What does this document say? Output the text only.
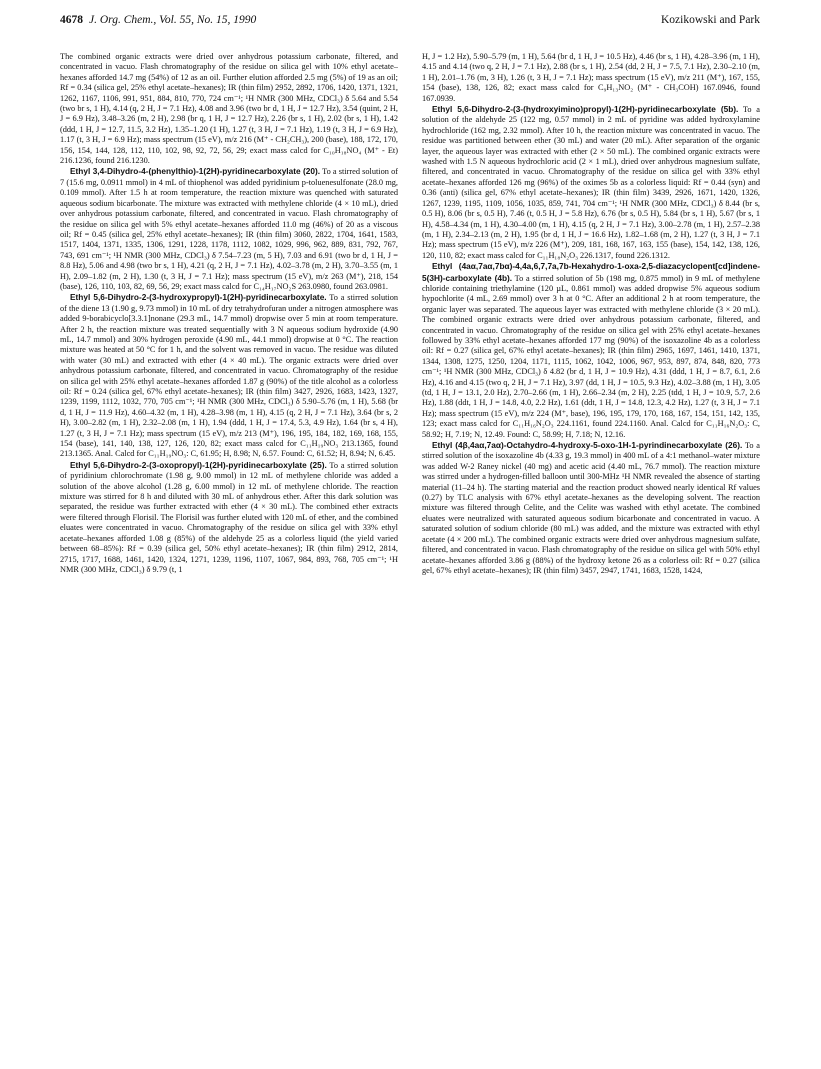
4678 J. Org. Chem., Vol. 55, No. 15, 1990	Kozikowski and Park

The combined organic extracts were dried over anhydrous potassium carbonate, filtered, and concentrated in vacuo. Flash chromatography of the residue on silica gel with 10% ethyl acetate–hexanes afforded 14.7 mg (54%) of 12 as an oil. Further elution afforded 2.5 mg (5%) of 19 as an oil; Rf = 0.34 (silica gel, 25% ethyl acetate–hexanes); IR (thin film) 2952, 2892, 1706, 1420, 1371, 1321, 1262, 1167, 1106, 991, 951, 884, 810, 770, 724 cm⁻¹; ¹H NMR (300 MHz, CDCl₃) δ 5.64 and 5.54 (two br s, 1 H), 4.14 (q, 2 H, J = 7.1 Hz), 4.08 and 3.96 (two br d, 1 H, J = 12.7 Hz), 3.54 (quint, 2 H, J = 6.9 Hz), 3.48–3.26 (m, 2 H), 2.98 (br q, 1 H, J = 12.7 Hz), 2.26 (br s, 1 H), 2.02 (br s, 1 H), 1.42 (ddd, 1 H, J = 12.7, 11.5, 3.2 Hz), 1.35–1.20 (1 H), 1.27 (t, 3 H, J = 7.1 Hz), 1.19 (t, 3 H, J = 6.9 Hz), 1.17 (t, 3 H, J = 6.9 Hz); mass spectrum (15 eV), m/z 216 (M⁺ - CH₂CH₃), 200 (base), 188, 172, 170, 156, 154, 144, 128, 112, 110, 102, 98, 92, 72, 56, 29; exact mass calcd for C₁₀H₁₈NO₄ (M⁺ - Et) 216.1236, found 216.1230.

Ethyl 3,4-Dihydro-4-(phenylthio)-1(2H)-pyridinecarboxylate (20). To a stirred solution of 7 (15.6 mg, 0.0911 mmol) in 4 mL of thiophenol was added pyridinium p-toluenesulfonate (28.0 mg, 0.109 mmol). After 1.5 h at room temperature, the reaction mixture was quenched with saturated aqueous sodium bicarbonate. The mixture was extracted with methylene chloride (4 × 10 mL), dried over anhydrous potassium carbonate, filtered, and concentrated in vacuo. Flash chromatography of the residue on silica gel with 5% ethyl acetate–hexanes afforded 11.0 mg (46%) of 20 as a viscous oil; Rf = 0.45 (silica gel, 25% ethyl acetate–hexanes); IR (thin film) 3060, 2822, 1704, 1641, 1583, 1517, 1404, 1371, 1335, 1306, 1291, 1228, 1178, 1112, 1082, 1029, 996, 962, 889, 831, 792, 767, 743, 691 cm⁻¹; ¹H NMR (300 MHz, CDCl₃) δ 7.54–7.23 (m, 5 H), 7.03 and 6.91 (two br d, 1 H, J = 8.8 Hz), 5.06 and 4.98 (two br s, 1 H), 4.21 (q, 2 H, J = 7.1 Hz), 4.02–3.78 (m, 2 H), 3.70–3.55 (m, 1 H), 2.09–1.82 (m, 2 H), 1.30 (t, 3 H, J = 7.1 Hz); mass spectrum (15 eV), m/z 263 (M⁺), 218, 154 (base), 126, 110, 103, 82, 69, 56, 29; exact mass calcd for C₁₄H₁₇NO₂S 263.0980, found 263.0981.

Ethyl 5,6-Dihydro-2-(3-hydroxypropyl)-1(2H)-pyridinecarboxylate. To a stirred solution of the diene 13 (1.90 g, 9.73 mmol) in 10 mL of dry tetrahydrofuran under a nitrogen atmosphere was added 9-borabicyclo[3.3.1]nonane (29.3 mL, 14.7 mmol) dropwise over 5 min at room temperature. After 2 h, the reaction mixture was treated sequentially with 3 N aqueous sodium hydroxide (4.90 mL, 14.7 mmol) and 30% hydrogen peroxide (4.90 mL, 44.1 mmol) dropwise at 0 °C. The reaction mixture was heated at 50 °C for 1 h, and the solvent was removed in vacuo. The residue was diluted with water (30 mL) and extracted with ether (4 × 40 mL). The organic extracts were dried over anhydrous potassium carbonate, filtered, and concentrated in vacuo. Chromatography of the residue on silica gel with 25% ethyl acetate–hexanes afforded 1.87 g (90%) of the title alcohol as a colorless oil: Rf = 0.24 (silica gel, 67% ethyl acetate–hexanes); IR (thin film) 3427, 2926, 1683, 1423, 1327, 1239, 1199, 1112, 1032, 770, 705 cm⁻¹; ¹H NMR (300 MHz, CDCl₃) δ 5.90–5.76 (m, 1 H), 5.68 (br d, 1 H, J = 11.9 Hz), 4.60–4.32 (m, 1 H), 4.28–3.98 (m, 1 H), 4.15 (q, 2 H, J = 7.1 Hz), 3.64 (br s, 2 H), 3.00–2.82 (m, 1 H), 2.32–2.08 (m, 1 H), 1.94 (ddd, 1 H, J = 17.4, 5.3, 4.9 Hz), 1.64 (br s, 4 H), 1.27 (t, 3 H, J = 7.1 Hz); mass spectrum (15 eV), m/z 213 (M⁺), 196, 195, 184, 182, 169, 168, 155, 154 (base), 141, 140, 138, 127, 126, 120, 82; exact mass calcd for C₁₁H₁₉NO₃ 213.1365, found 213.1365. Anal. Calcd for C₁₁H₁₉NO₃: C, 61.95; H, 8.98; N, 6.57. Found: C, 61.52; H, 8.94; N, 6.45.

Ethyl 5,6-Dihydro-2-(3-oxopropyl)-1(2H)-pyridinecarboxylate (25). To a stirred solution of pyridinium chlorochromate (1.98 g, 9.00 mmol) in 12 mL of methylene chloride was added a solution of the above alcohol (1.28 g, 6.00 mmol) in 12 mL of methylene chloride. The reaction mixture was stirred for 8 h and diluted with 30 mL of anhydrous ether. After this dark solution was separated, the residue was further extracted with ether (4 × 30 mL). The combined ether extracts were filtered through Florisil. The Florisil was further eluted with 120 mL of ether, and the combined eluates were concentrated in vacuo. Chromatography of the residue on silica gel with 33% ethyl acetate–hexanes afforded 1.08 g (85%) of the aldehyde 25 as a colorless liquid (the yield varied between 68–85%): Rf = 0.39 (silica gel, 50% ethyl acetate–hexanes); IR (thin film) 2912, 2814, 2715, 1717, 1688, 1461, 1420, 1324, 1271, 1239, 1196, 1107, 1067, 984, 893, 768, 705 cm⁻¹; ¹H NMR (300 MHz, CDCl₃) δ 9.79 (t, 1

H, J = 1.2 Hz), 5.90–5.79 (m, 1 H), 5.64 (br d, 1 H, J = 10.5 Hz), 4.46 (br s, 1 H), 4.28–3.96 (m, 1 H), 4.15 and 4.14 (two q, 2 H, J = 7.1 Hz), 2.88 (br s, 1 H), 2.54 (dd, 2 H, J = 7.5, 7.1 Hz), 2.30–2.10 (m, 1 H), 2.01–1.76 (m, 3 H), 1.26 (t, 3 H, J = 7.1 Hz); mass spectrum (15 eV), m/z 211 (M⁺), 167, 155, 154 (base), 138, 126, 82; exact mass calcd for C₉H₁₃NO₂ (M⁺ - CH₃COH) 167.0946, found 167.0939.

Ethyl 5,6-Dihydro-2-(3-(hydroxyimino)propyl)-1(2H)-pyridinecarboxylate (5b). To a solution of the aldehyde 25 (122 mg, 0.57 mmol) in 2 mL of pyridine was added hydroxylamine hydrochloride (162 mg, 2.32 mmol). After 10 h, the reaction mixture was concentrated in vacuo. The residue was partitioned between ether (30 mL) and water (20 mL). After separation of the organic layer, the aqueous layer was extracted with ether (2 × 50 mL). The combined organic extracts were washed with 1.5 N aqueous hydrochloric acid (2 × 1 mL), dried over anhydrous magnesium sulfate, filtered, and concentrated in vacuo. Chromatography of the residue on silica gel with 33% ethyl acetate–hexanes afforded 126 mg (96%) of the oximes 5b as a colorless liquid: Rf = 0.44 (syn) and 0.36 (anti) (silica gel, 67% ethyl acetate–hexanes); IR (thin film) 3439, 2926, 1671, 1420, 1326, 1267, 1239, 1195, 1109, 1056, 1035, 859, 741, 704 cm⁻¹; ¹H NMR (300 MHz, CDCl₃) δ 8.44 (br s, 0.5 H), 8.06 (br s, 0.5 H), 7.46 (t, 0.5 H, J = 5.8 Hz), 6.76 (br s, 0.5 H), 5.84 (br s, 1 H), 5.67 (br s, 1 H), 4.58–4.34 (m, 1 H), 4.30–4.00 (m, 1 H), 4.15 (q, 2 H, J = 7.1 Hz), 3.00–2.78 (m, 1 H), 2.57–2.38 (m, 1 H), 2.34–2.13 (m, 2 H), 1.95 (br d, 1 H, J = 16.6 Hz), 1.82–1.68 (m, 2 H), 1.27 (t, 3 H, J = 7.1 Hz); mass spectrum (15 eV), m/z 226 (M⁺), 209, 181, 168, 167, 163, 155 (base), 154, 142, 138, 126, 120, 110, 82; exact mass calcd for C₁₁H₁₈N₂O₃ 226.1317, found 226.1312.

Ethyl (4aα,7aα,7bα)-4,4a,6,7,7a,7b-Hexahydro-1-oxa-2,5-diazacyclopent[cd]indene-5(3H)-carboxylate (4b). To a stirred solution of 5b (198 mg, 0.875 mmol) in 9 mL of methylene chloride containing triethylamine (120 µL, 0.861 mmol) was added dropwise 5% aqueous sodium hypochlorite (4 mL, 2.69 mmol) over 3 h at 0 °C. After an additional 2 h at room temperature, the organic layer was separated. The aqueous layer was extracted with methylene chloride (3 × 20 mL). The combined organic extracts were dried over anhydrous potassium carbonate, filtered, and concentrated in vacuo. Chromatography of the residue on silica gel with 25% ethyl acetate–hexanes followed by 33% ethyl acetate–hexanes afforded 177 mg (90%) of the isoxazoline 4b as a colorless oil: Rf = 0.27 (silica gel, 67% ethyl acetate–hexanes); IR (thin film) 2965, 1697, 1461, 1410, 1371, 1344, 1308, 1275, 1250, 1204, 1171, 1115, 1062, 1042, 1006, 967, 953, 897, 874, 848, 820, 773 cm⁻¹; ¹H NMR (300 MHz, CDCl₃) δ 4.82 (br d, 1 H, J = 10.9 Hz), 4.31 (ddd, 1 H, J = 8.7, 6.1, 2.6 Hz), 4.16 and 4.15 (two q, 2 H, J = 7.1 Hz), 3.97 (dd, 1 H, J = 10.5, 9.3 Hz), 4.02–3.88 (m, 1 H), 3.05 (td, 1 H, J = 13.1, 2.0 Hz), 2.70–2.66 (m, 1 H), 2.66–2.34 (m, 2 H), 2.25 (tdd, 1 H, J = 10.9, 5.7, 2.6 Hz), 1.88 (ddt, 1 H, J = 14.8, 4.0, 2.2 Hz), 1.61 (ddt, 1 H, J = 14.8, 12.3, 4.2 Hz), 1.27 (t, 3 H, J = 7.1 Hz); mass spectrum (15 eV), m/z 224 (M⁺, base), 196, 195, 179, 170, 168, 167, 154, 151, 142, 135, 123; exact mass calcd for C₁₁H₁₆N₂O₃ 224.1161, found 224.1160. Anal. Calcd for C₁₁H₁₆N₂O₃: C, 58.92; H, 7.19; N, 12.49. Found: C, 58.99; H, 7.18; N, 12.16.

Ethyl (4β,4aα,7aα)-Octahydro-4-hydroxy-5-oxo-1H-1-pyrindinecarboxylate (26). To a stirred solution of the isoxazoline 4b (4.33 g, 19.3 mmol) in 400 mL of a 4:1 methanol–water mixture was added W-2 Raney nickel (40 mg) and acetic acid (4.40 mL, 76.7 mmol). The reaction mixture was stirred under a hydrogen-filled balloon until 300-MHz ¹H NMR revealed the absence of starting material (11–24 h). The starting material and the reaction product showed nearly identical Rf values (0.27) by TLC analysis with 67% ethyl acetate–hexanes as the developing solvent. The reaction mixture was filtered through Celite, and the Celite was washed with ethyl acetate. The combined eluates were neutralized with saturated aqueous sodium bicarbonate and concentrated in vacuo. A saturated solution of sodium chloride (80 mL) was added, and the mixture was extracted with ethyl acetate (4 × 200 mL). The combined organic extracts were dried over anhydrous magnesium sulfate, filtered, and concentrated in vacuo. Flash chromatography of the residue on silica gel with 50% ethyl acetate–hexanes afforded 3.86 g (88%) of the hydroxy ketone 26 as a colorless oil: Rf = 0.27 (silica gel, 67% ethyl acetate–hexanes); IR (thin film) 3457, 2947, 1741, 1683, 1528, 1424,
